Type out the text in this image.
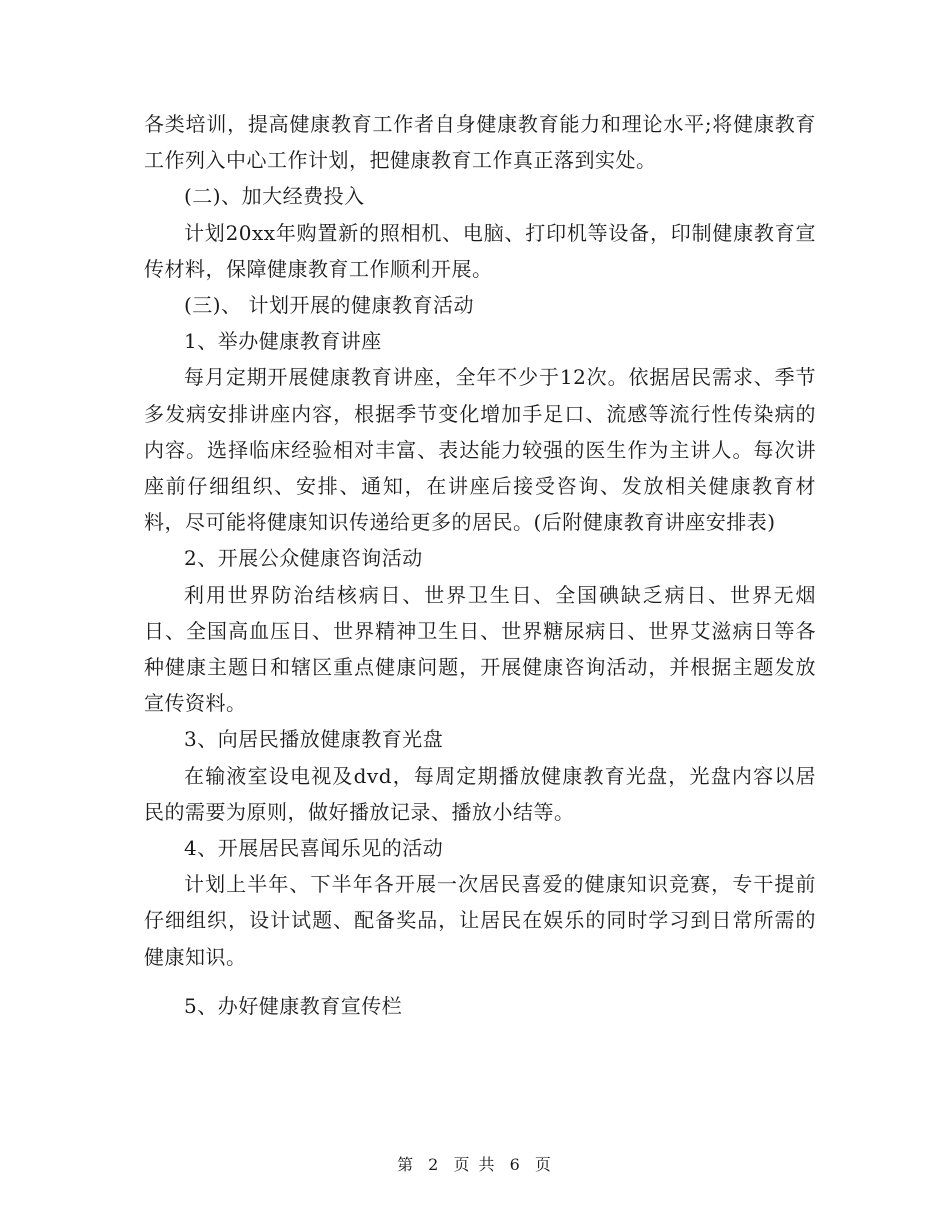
各类培训，提高健康教育工作者自身健康教育能力和理论水平;将健康教育工作列入中心工作计划，把健康教育工作真正落到实处。

(二)、加大经费投入

计划20xx年购置新的照相机、电脑、打印机等设备，印制健康教育宣传材料，保障健康教育工作顺利开展。

(三)、 计划开展的健康教育活动

1、举办健康教育讲座

每月定期开展健康教育讲座，全年不少于12次。依据居民需求、季节多发病安排讲座内容，根据季节变化增加手足口、流感等流行性传染病的内容。选择临床经验相对丰富、表达能力较强的医生作为主讲人。每次讲座前仔细组织、安排、通知，在讲座后接受咨询、发放相关健康教育材料，尽可能将健康知识传递给更多的居民。(后附健康教育讲座安排表)

2、开展公众健康咨询活动

利用世界防治结核病日、世界卫生日、全国碘缺乏病日、世界无烟日、全国高血压日、世界精神卫生日、世界糖尿病日、世界艾滋病日等各种健康主题日和辖区重点健康问题，开展健康咨询活动，并根据主题发放宣传资料。

3、向居民播放健康教育光盘

在输液室设电视及dvd，每周定期播放健康教育光盘，光盘内容以居民的需要为原则，做好播放记录、播放小结等。

4、开展居民喜闻乐见的活动

计划上半年、下半年各开展一次居民喜爱的健康知识竞赛，专干提前仔细组织，设计试题、配备奖品，让居民在娱乐的同时学习到日常所需的健康知识。

5、办好健康教育宣传栏

第 2 页 共 6 页
